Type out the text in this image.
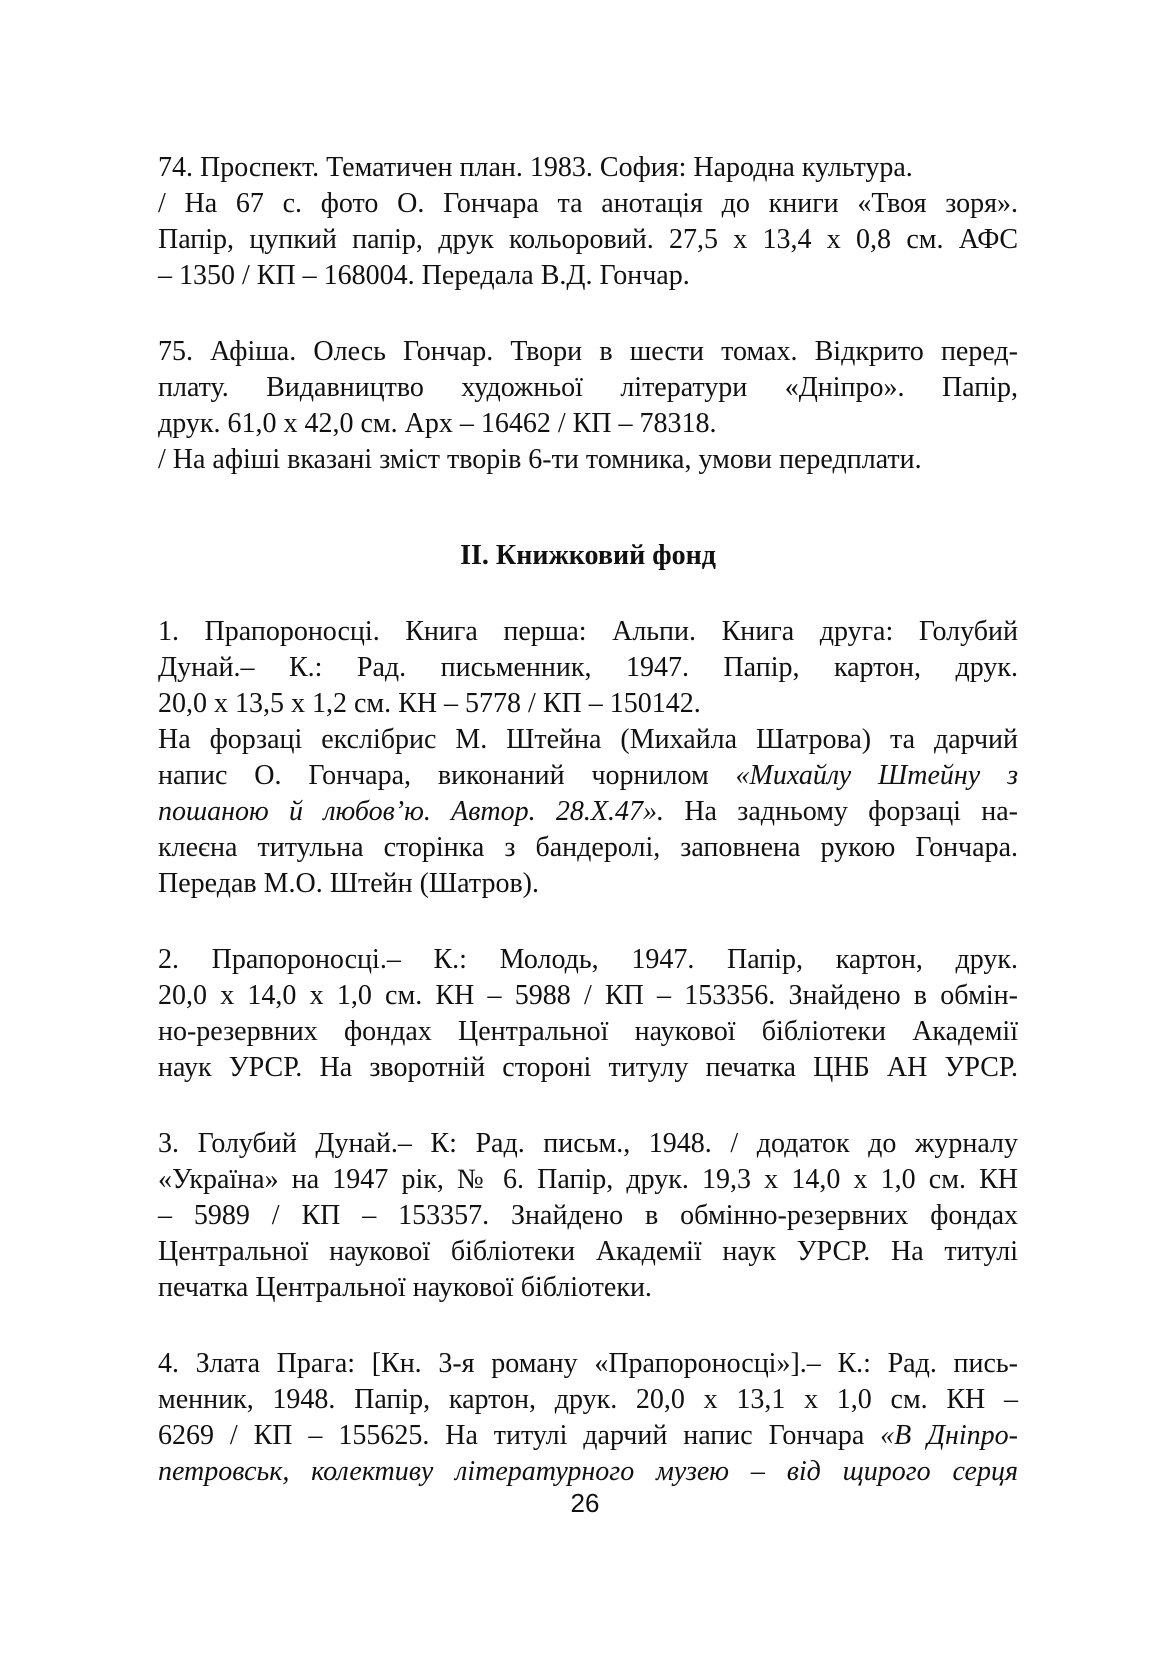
74. Проспект. Тематичен план. 1983. София: Народна культура.
/ На 67 с. фото О. Гончара та анотація до книги «Твоя зоря».
Папір, цупкий папір, друк кольоровий. 27,5 х 13,4 х 0,8 см. АФС
– 1350 / КП – 168004. Передала В.Д. Гончар.
75. Афіша. Олесь Гончар. Твори в шести томах. Відкрито перед-
плату. Видавництво художньої літератури «Дніпро». Папір,
друк. 61,0 х 42,0 см. Арх – 16462 / КП – 78318.
/ На афіші вказані зміст творів 6-ти томника, умови передплати.
ІІ. Книжковий фонд
1. Прапороносці. Книга перша: Альпи. Книга друга: Голубий
Дунай.– К.: Рад. письменник, 1947. Папір, картон, друк.
20,0 х 13,5 х 1,2 см. КН – 5778 / КП – 150142.
На форзаці екслібрис М. Штейна (Михайла Шатрова) та дарчий
напис О. Гончара, виконаний чорнилом «Михайлу Штейну з
пошаною й любов’ю. Автор. 28.Х.47». На задньому форзаці на-
клеєна титульна сторінка з бандеролі, заповнена рукою Гончара.
Передав М.О. Штейн (Шатров).
2. Прапороносці.– К.: Молодь, 1947. Папір, картон, друк.
20,0 х 14,0 х 1,0 см. КН – 5988 / КП – 153356. Знайдено в обмін-
но-резервних фондах Центральної наукової бібліотеки Академії
наук УРСР. На зворотній стороні титулу печатка ЦНБ АН УРСР.
3. Голубий Дунай.– К: Рад. письм., 1948. / додаток до журналу
«Україна» на 1947 рік, № 6. Папір, друк. 19,3 х 14,0 х 1,0 см. КН
– 5989 / КП – 153357. Знайдено в обмінно-резервних фондах
Центральної наукової бібліотеки Академії наук УРСР. На титулі
печатка Центральної наукової бібліотеки.
4. Злата Прага: [Кн. 3-я роману «Прапороносці»].– К.: Рад. пись-
менник, 1948. Папір, картон, друк. 20,0 х 13,1 х 1,0 см. КН –
6269 / КП – 155625. На титулі дарчий напис Гончара «В Дніпро-
петровськ, колективу літературного музею – від щирого серця
26
